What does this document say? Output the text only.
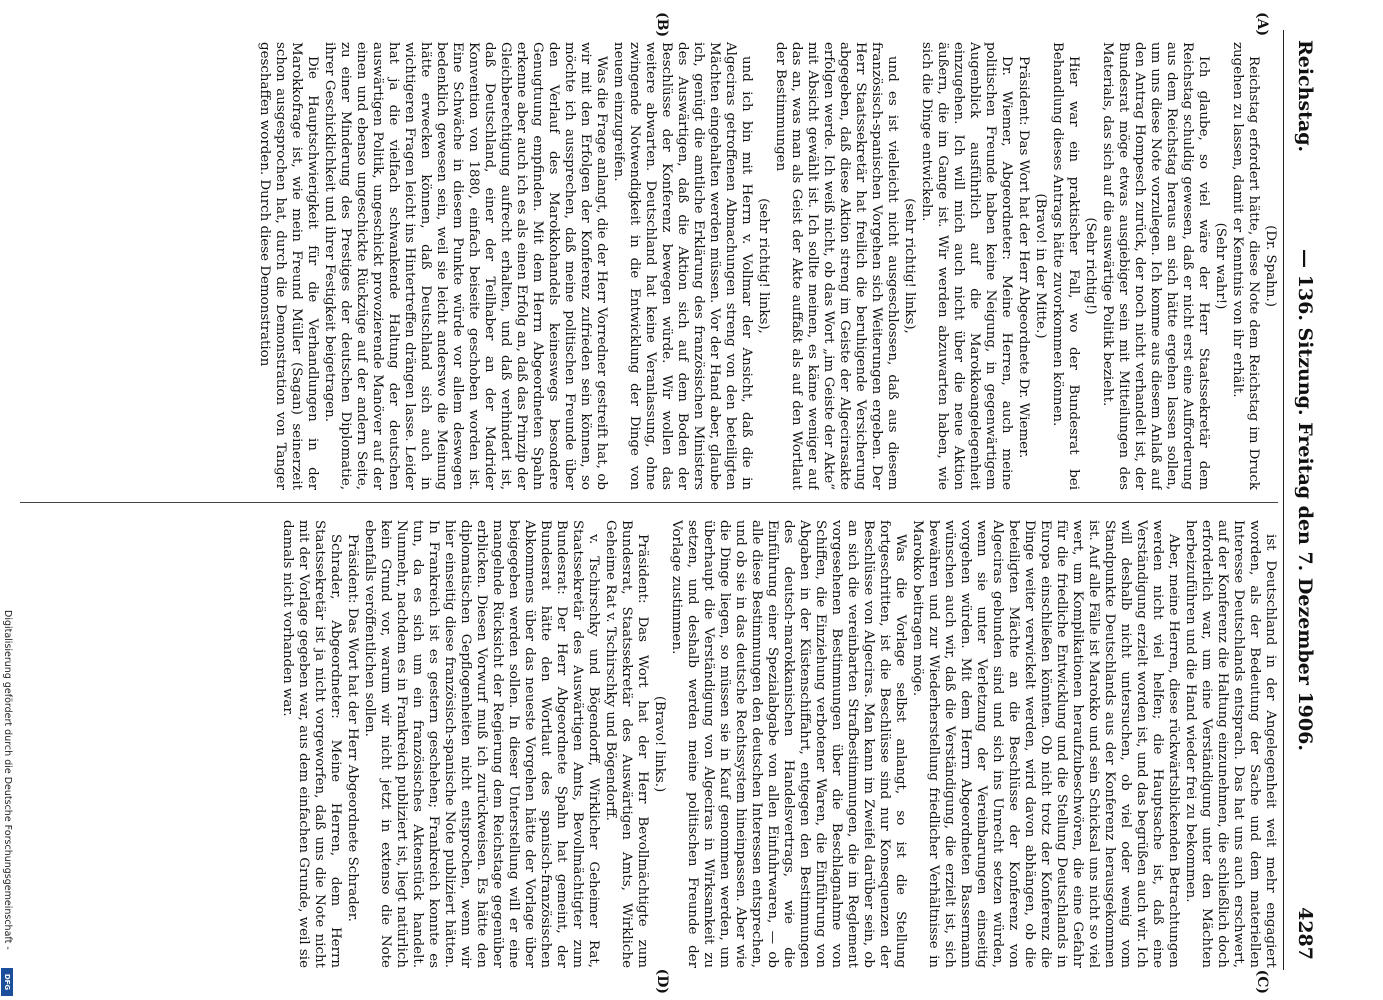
Reichstag.
— 136. Sitzung. Freitag den 7. Dezember 1906.
4287
(A)
(B)
(C)
(D)

(Dr. Spahn.)

Reichstag erfordert hätte, diese Note dem Reichstag im Druck zugehen zu lassen, damit er Kenntnis von ihr erhält.

(Sehr wahr!)

Ich glaube, so viel wäre der Herr Staatssekretär dem Reichstag schuldig gewesen, daß er nicht erst eine Aufforderung aus dem Reichstag heraus an sich hätte ergehen lassen sollen, um uns diese Note vorzulegen. Ich komme aus diesem Anlaß auf den Antrag Hompesch zurück, der noch nicht verhandelt ist, der Bundesrat möge etwas ausgiebiger sein mit Mitteilungen des Materials, das sich auf die auswärtige Politik bezieht.

(Sehr richtig!)

Hier war ein praktischer Fall, wo der Bundesrat bei Behandlung dieses Antrags hätte zuvorkommen können.

(Bravo! in der Mitte.)

Präsident: Das Wort hat der Herr Abgeordnete Dr. Wiemer.

Dr. Wiemer, Abgeordneter: Meine Herren, auch meine politischen Freunde haben keine Neigung, in gegenwärtigem Augenblick ausführlich auf die Marokkoangelegenheit einzugehen. Ich will mich auch nicht über die neue Aktion äußern, die im Gange ist. Wir werden abzuwarten haben, wie sich die Dinge entwickeln.

(sehr richtig! links),

und es ist vielleicht nicht ausgeschlossen, daß aus diesem französisch-spanischen Vorgehen sich Weiterungen ergeben. Der Herr Staatssekretär hat freilich die beruhigende Versicherung abgegeben, daß diese Aktion streng im Geiste der Algecirasakte erfolgen werde. Ich weiß nicht, ob das Wort „im Geiste der Akte“ mit Absicht gewählt ist. Ich sollte meinen, es käme weniger auf das an, was man als Geist der Akte auffaßt als auf den Wortlaut der Bestimmungen

(sehr richtig! links),

und ich bin mit Herrn v. Vollmar der Ansicht, daß die in Algeciras getroffenen Abmachungen streng von den beteiligten Mächten eingehalten werden müssen. Vor der Hand aber, glaube ich, genügt die amtliche Erklärung des französischen Ministers des Auswärtigen, daß die Aktion sich auf dem Boden der Beschlüsse der Konferenz bewegen würde. Wir wollen das weitere abwarten. Deutschland hat keine Veranlassung, ohne zwingende Notwendigkeit in die Entwicklung der Dinge von neuem einzugreifen.

Was die Frage anlangt, die der Herr Vorredner gestreift hat, ob wir mit den Erfolgen der Konferenz zufrieden sein können, so möchte ich aussprechen, daß meine politischen Freunde über den Verlauf des Marokkohandels keineswegs besondere Genugtuung empfinden. Mit dem Herrn Abgeordneten Spahn erkenne aber auch ich es als einen Erfolg an, daß das Prinzip der Gleichberechtigung aufrecht erhalten, und daß verhindert ist, daß Deutschland, einer der Teilhaber an der Madrider Konvention von 1880, einfach beiseite geschoben worden ist. Eine Schwäche in diesem Punkte würde vor allem deswegen bedenklich gewesen sein, weil sie leicht anderswo die Meinung hätte erwecken können, daß Deutschland sich auch in wichtigeren Fragen leicht ins Hintertreffen drängen lasse. Leider hat ja die vielfach schwankende Haltung der deutschen auswärtigen Politik, ungeschickt provozierende Manöver auf der einen und ebenso ungeschickte Rückzüge auf der andern Seite, zu einer Minderung des Prestiges der deutschen Diplomatie, ihrer Geschicklichkeit und ihrer Festigkeit beigetragen.

Die Hauptschwierigkeit für die Verhandlungen in der Marokkofrage ist, wie mein Freund Müller (Sagan) seinerzeit schon ausgesprochen hat, durch die Demonstration von Tanger geschaffen worden. Durch diese Demonstration

ist Deutschland in der Angelegenheit weit mehr engagiert worden, als der Bedeutung der Sache und dem materiellen Interesse Deutschlands entsprach. Das hat uns auch erschwert, auf der Konferenz die Haltung einzunehmen, die schließlich doch erforderlich war, um eine Verständigung unter den Mächten herbeizuführen und die Hand wieder frei zu bekommen.

Aber, meine Herren, diese rückwärtsblickenden Betrachtungen werden nicht viel helfen; die Hauptsache ist, daß eine Verständigung erzielt worden ist, und das begrüßen auch wir. Ich will deshalb nicht untersuchen, ob viel oder wenig vom Standpunkte Deutschlands aus der Konferenz herausgekommen ist. Auf alle Fälle ist Marokko und sein Schicksal uns nicht so viel wert, um Komplikationen heraufzubeschwören, die eine Gefahr für die friedliche Entwicklung und die Stellung Deutschlands in Europa einschließen könnten. Ob nicht trotz der Konferenz die Dinge weiter verwickelt werden, wird davon abhängen, ob die beteiligten Mächte an die Beschlüsse der Konferenz von Algeciras gebunden sind und sich ins Unrecht setzen würden, wenn sie unter Verletzung der Vereinbarungen einseitig vorgehen würden. Mit dem Herrn Abgeordneten Bassermann wünschen auch wir, daß die Verständigung, die erzielt ist, sich bewähren und zur Wiederherstellung friedlicher Verhältnisse in Marokko beitragen möge.

Was die Vorlage selbst anlangt, so ist die Stellung fortgeschritten, ist die Beschlüsse sind nur Konsequenzen der Beschlüsse von Algeciras. Man kann im Zweifel darüber sein, ob an sich die vereinbarten Strafbestimmungen, die im Reglement vorgesehenen Bestimmungen über die Beschlagnahme von Schiffen, die Einziehung verbotener Waren, die Einführung von Abgaben in der Küstenschiffahrt, entgegen den Bestimmungen des deutsch-marokkanischen Handelsvertrags, wie die Einführung einer Spezialabgabe von allen Einfuhrwaren, — ob alle diese Bestimmungen den deutschen Interessen entsprechen, und ob sie in das deutsche Rechtssystem hineinpassen. Aber wie die Dinge liegen, so müssen sie in Kauf genommen werden, um überhaupt die Verständigung von Algeciras in Wirksamkeit zu setzen, und deshalb werden meine politischen Freunde der Vorlage zustimmen.

(Bravo! links.)

Präsident: Das Wort hat der Herr Bevollmächtigte zum Bundesrat, Staatssekretär des Auswärtigen Amts, Wirkliche Geheime Rat v. Tschirschky und Bögendorff.

v. Tschirschky und Bögendorff, Wirklicher Geheimer Rat, Staatssekretär des Auswärtigen Amts, Bevollmächtigter zum Bundesrat: Der Herr Abgeordnete Spahn hat gemeint, der Bundesrat hätte den Wortlaut des spanisch-französischen Abkommens über das neueste Vorgehen hätte der Vorlage über beigegeben werden sollen. In dieser Unterstellung will er eine mangelnde Rücksicht der Regierung dem Reichstage gegenüber erblicken. Diesen Vorwurf muß ich zurückweisen. Es hätte den diplomatischen Gepflogenheiten nicht entsprochen, wenn wir hier einseitig diese französisch-spanische Note publiziert hätten. In Frankreich ist es gestern geschehen; Frankreich konnte es tun, da es sich um ein französisches Aktenstück handelt. Nunmehr, nachdem es in Frankreich publiziert ist, liegt natürlich kein Grund vor, warum wir nicht jetzt in extenso die Note ebenfalls veröffentlichen sollen.

Präsident: Das Wort hat der Herr Abgeordnete Schrader.

Schrader, Abgeordneter: Meine Herren, dem Herrn Staatssekretär ist ja nicht vorgeworfen, daß uns die Note nicht mit der Vorlage gegeben war, aus dem einfachen Grunde, weil sie damals nicht vorhanden war.

Digitalisierung gefördert durch die Deutsche Forschungsgemeinschaft -
DFG
